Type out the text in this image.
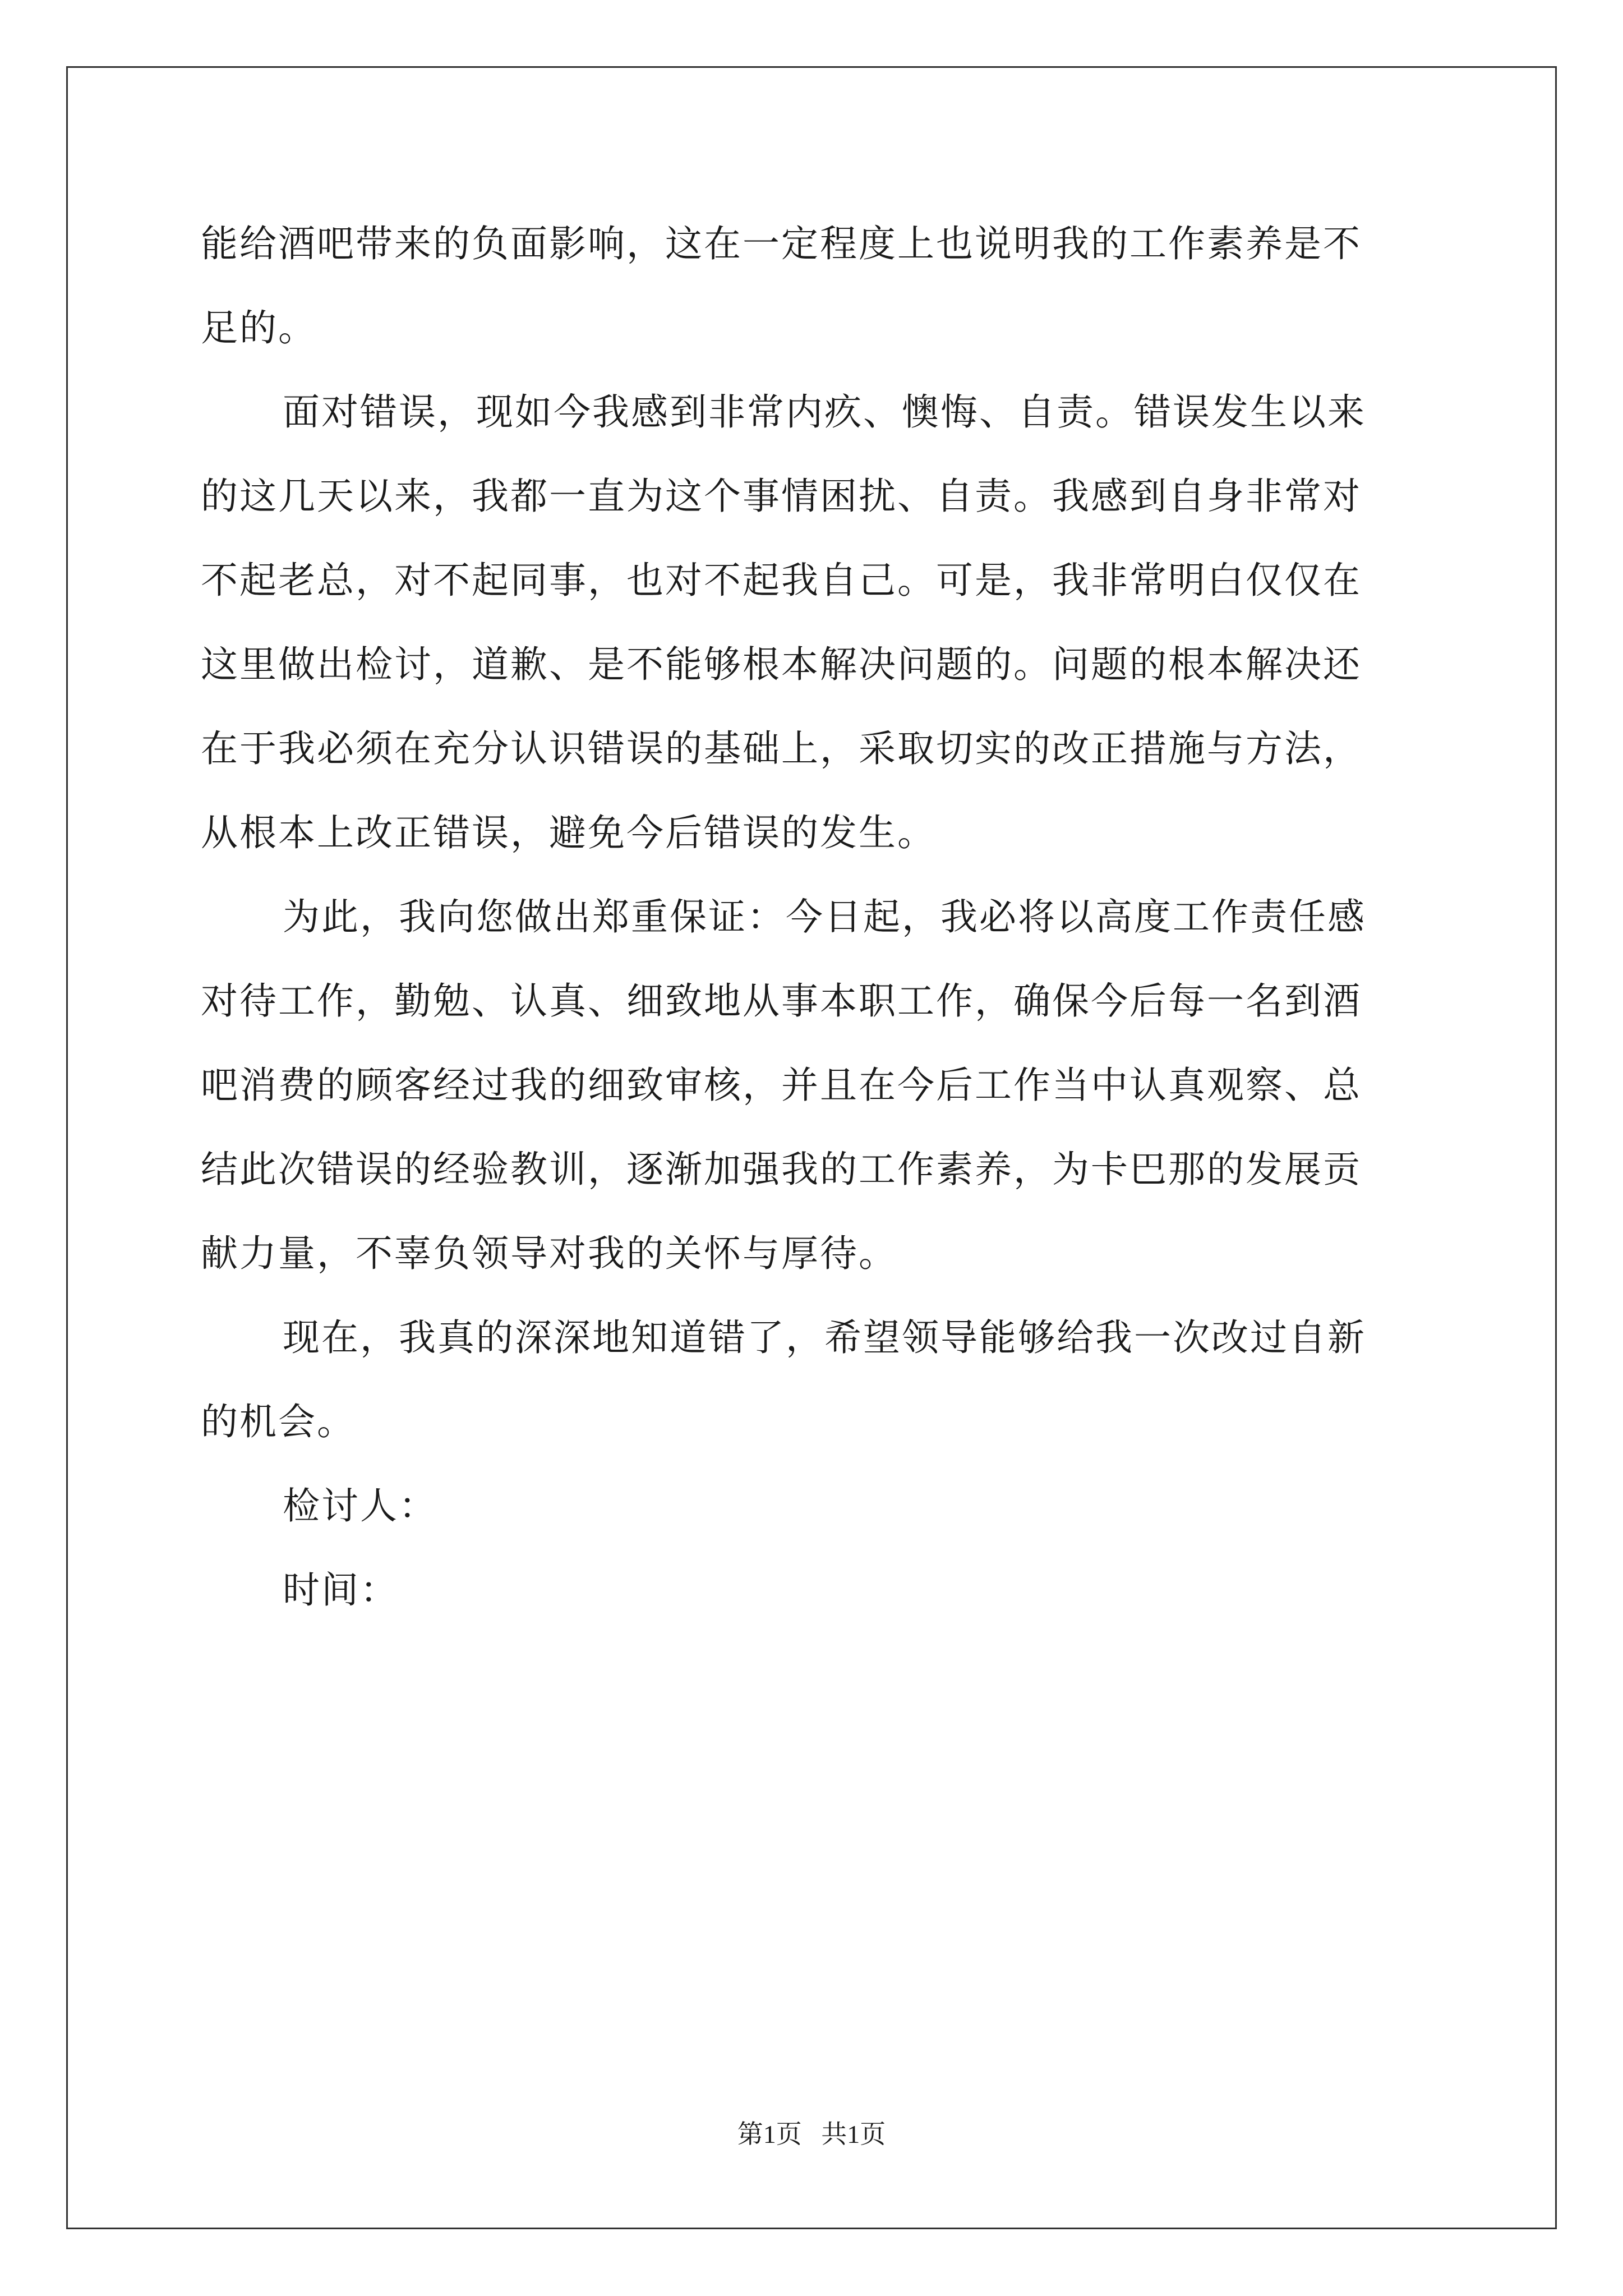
能给酒吧带来的负面影响，这在一定程度上也说明我的工作素养是不
足的。
面对错误，现如今我感到非常内疚、懊悔、自责。错误发生以来
的这几天以来，我都一直为这个事情困扰、自责。我感到自身非常对
不起老总，对不起同事，也对不起我自己。可是，我非常明白仅仅在
这里做出检讨，道歉、是不能够根本解决问题的。问题的根本解决还
在于我必须在充分认识错误的基础上，采取切实的改正措施与方法，
从根本上改正错误，避免今后错误的发生。
为此，我向您做出郑重保证：今日起，我必将以高度工作责任感
对待工作，勤勉、认真、细致地从事本职工作，确保今后每一名到酒
吧消费的顾客经过我的细致审核，并且在今后工作当中认真观察、总
结此次错误的经验教训，逐渐加强我的工作素养，为卡巴那的发展贡
献力量，不辜负领导对我的关怀与厚待。
现在，我真的深深地知道错了，希望领导能够给我一次改过自新
的机会。
检讨人：
时间：
第1页   共1页
